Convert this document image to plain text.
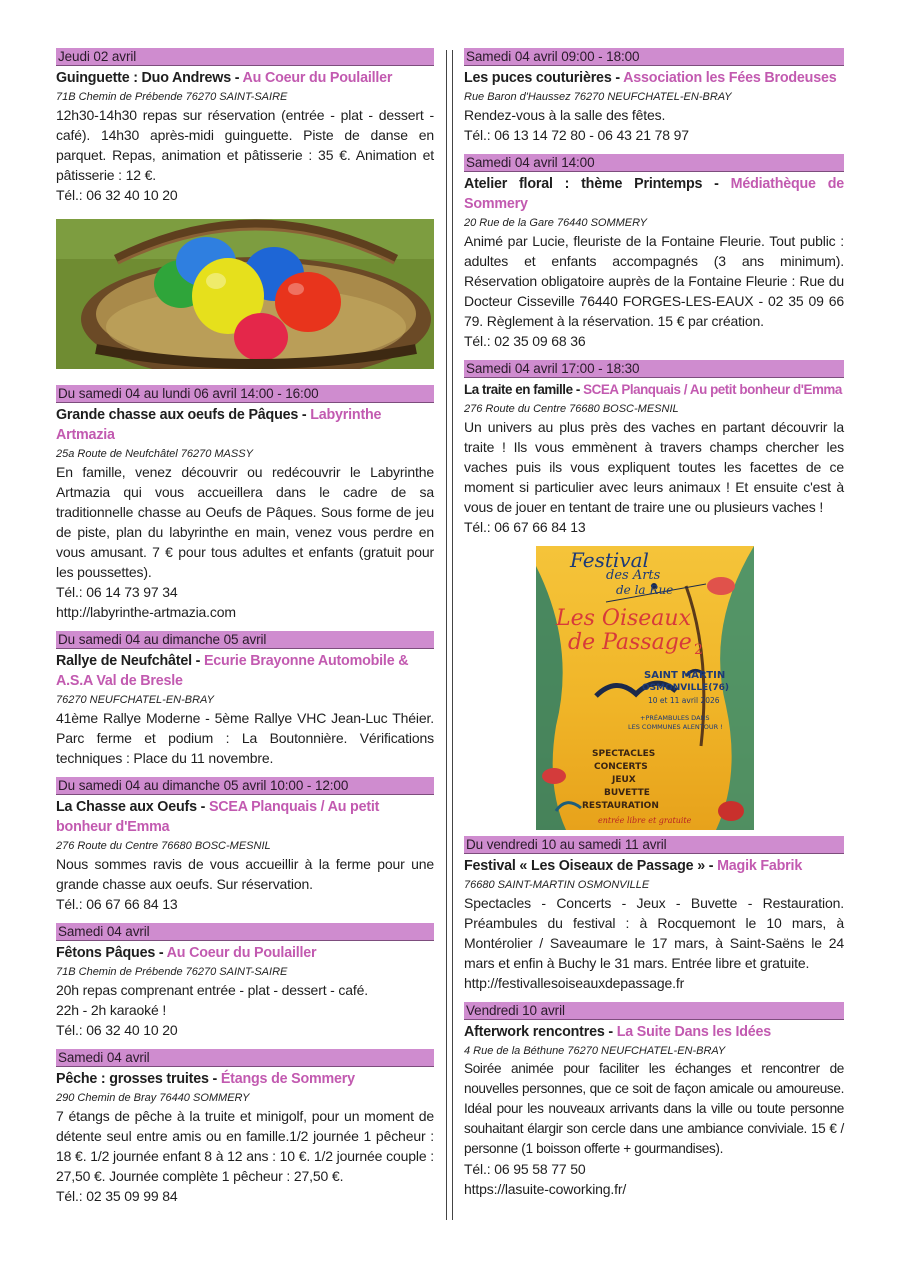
Jeudi 02 avril
Guinguette : Duo Andrews - Au Coeur du Poulailler
71B Chemin de Prébende 76270 SAINT-SAIRE
12h30-14h30 repas sur réservation (entrée - plat - dessert - café). 14h30 après-midi guinguette. Piste de danse en parquet. Repas, animation et pâtisserie : 35 €. Animation et pâtisserie : 12 €.
Tél.: 06 32 40 10 20
Du samedi 04 au lundi 06 avril 14:00 - 16:00
Grande chasse aux oeufs de Pâques - Labyrinthe Artmazia
25a Route de Neufchâtel 76270 MASSY
En famille, venez découvrir ou redécouvrir le Labyrinthe Artmazia qui vous accueillera dans le cadre de sa traditionnelle chasse au Oeufs de Pâques. Sous forme de jeu de piste, plan du labyrinthe en main, venez vous perdre en vous amusant. 7 € pour tous adultes et enfants (gratuit pour les poussettes).
Tél.: 06 14 73 97 34
http://labyrinthe-artmazia.com
Du samedi 04 au dimanche 05 avril
Rallye de Neufchâtel - Ecurie Brayonne Automobile & A.S.A Val de Bresle
76270 NEUFCHATEL-EN-BRAY
41ème Rallye Moderne - 5ème Rallye VHC Jean-Luc Théier. Parc ferme et podium : La Boutonnière. Vérifications techniques : Place du 11 novembre.
Du samedi 04 au dimanche 05 avril 10:00 - 12:00
La Chasse aux Oeufs - SCEA Planquais / Au petit bonheur d'Emma
276 Route du Centre 76680 BOSC-MESNIL
Nous sommes ravis de vous accueillir à la ferme pour une grande chasse aux oeufs. Sur réservation.
Tél.: 06 67 66 84 13
Samedi 04 avril
Fêtons Pâques - Au Coeur du Poulailler
71B Chemin de Prébende 76270 SAINT-SAIRE
20h repas comprenant entrée - plat - dessert - café.
22h - 2h karaoké !
Tél.: 06 32 40 10 20
Samedi 04 avril
Pêche : grosses truites - Étangs de Sommery
290 Chemin de Bray 76440 SOMMERY
7 étangs de pêche à la truite et minigolf, pour un moment de détente seul entre amis ou en famille.1/2 journée 1 pêcheur : 18 €. 1/2 journée enfant 8 à 12 ans : 10 €. 1/2 journée couple : 27,50 €. Journée complète 1 pêcheur : 27,50 €.
Tél.: 02 35 09 99 84
Samedi 04 avril 09:00 - 18:00
Les puces couturières - Association les Fées Brodeuses
Rue Baron d'Haussez 76270 NEUFCHATEL-EN-BRAY
Rendez-vous à la salle des fêtes.
Tél.: 06 13 14 72 80 - 06 43 21 78 97
Samedi 04 avril 14:00
Atelier floral : thème Printemps - Médiathèque de Sommery
20 Rue de la Gare 76440 SOMMERY
Animé par Lucie, fleuriste de la Fontaine Fleurie. Tout public : adultes et enfants accompagnés (3 ans minimum). Réservation obligatoire auprès de la Fontaine Fleurie : Rue du Docteur Cisseville 76440 FORGES-LES-EAUX - 02 35 09 66 79. Règlement à la réservation. 15 € par création.
Tél.: 02 35 09 68 36
Samedi 04 avril 17:00 - 18:30
La traite en famille - SCEA Planquais / Au petit bonheur d'Emma
276 Route du Centre 76680 BOSC-MESNIL
Un univers au plus près des vaches en partant découvrir la traite ! Ils vous emmènent à travers champs chercher les vaches puis ils vous expliquent toutes les facettes de ce moment si particulier avec leurs animaux ! Et ensuite c'est à vous de jouer en tentant de traire une ou plusieurs vaches !
Tél.: 06 67 66 84 13
Festival
des Arts
de la Rue
Les Oiseaux
de Passage 2
SAINT MARTIN
OSMONVILLE(76)
10 et 11 avril 2026
+PRÉAMBULES DANS
LES COMMUNES ALENTOUR !
SPECTACLES
CONCERTS
JEUX
BUVETTE
RESTAURATION
entrée libre et gratuite
Du vendredi 10 au samedi 11 avril
Festival « Les Oiseaux de Passage » - Magik Fabrik
76680 SAINT-MARTIN OSMONVILLE
Spectacles - Concerts - Jeux - Buvette - Restauration. Préambules du festival : à Rocquemont le 10 mars, à Montérolier / Saveaumare le 17 mars, à Saint-Saëns le 24 mars et enfin à Buchy le 31 mars. Entrée libre et gratuite.
http://festivallesoiseauxdepassage.fr
Vendredi 10 avril
Afterwork rencontres - La Suite Dans les Idées
4 Rue de la Béthune 76270 NEUFCHATEL-EN-BRAY
Soirée animée pour faciliter les échanges et rencontrer de nouvelles personnes, que ce soit de façon amicale ou amoureuse. Idéal pour les nouveaux arrivants dans la ville ou toute personne souhaitant élargir son cercle dans une ambiance conviviale. 15 € / personne (1 boisson offerte + gourmandises).
Tél.: 06 95 58 77 50
https://lasuite-coworking.fr/
